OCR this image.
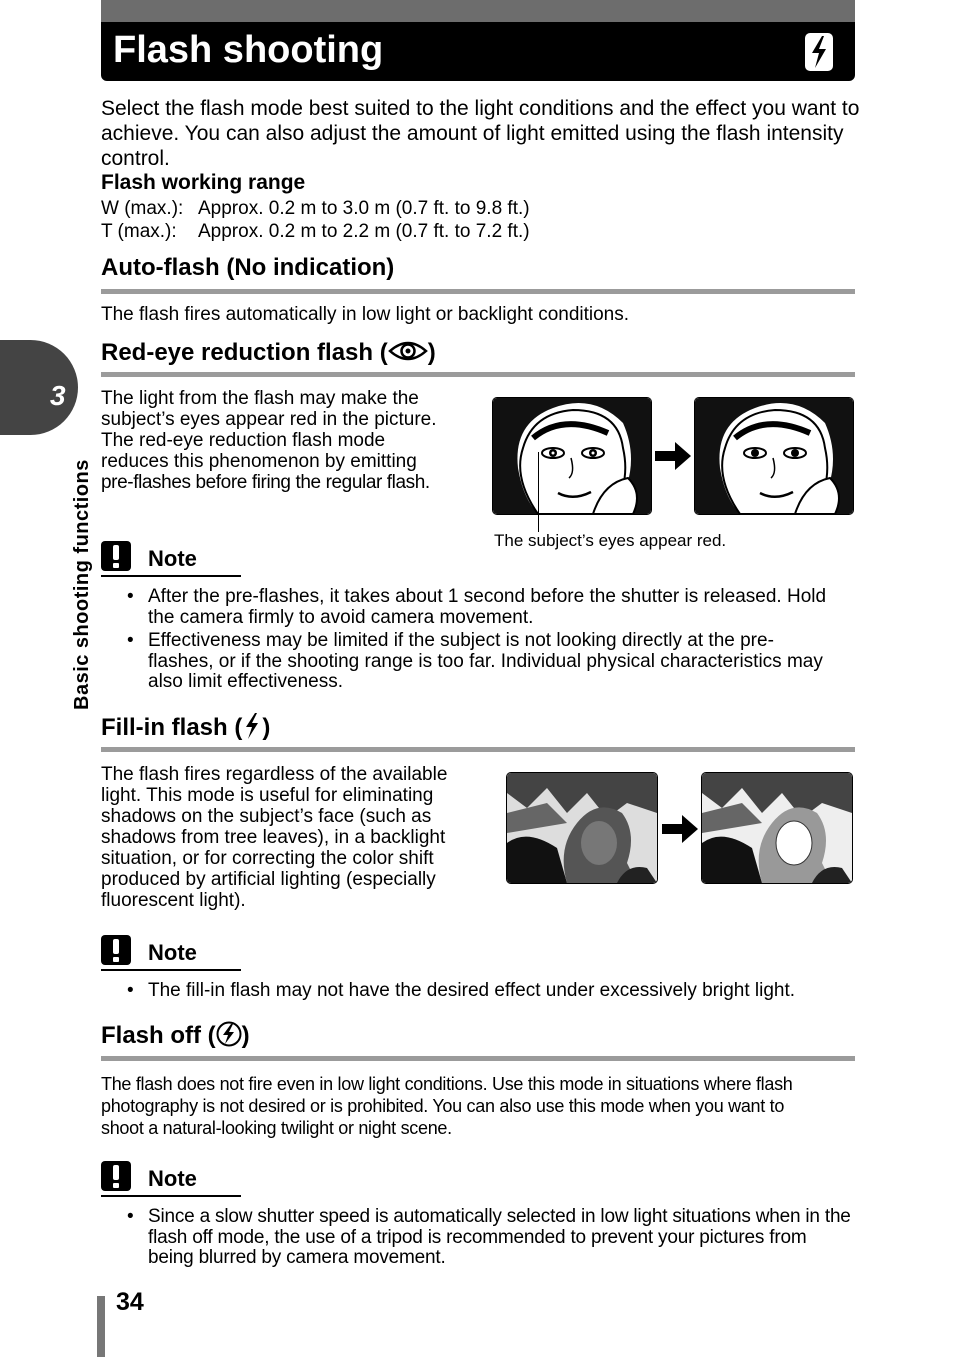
Flash shooting
Select the flash mode best suited to the light conditions and the effect you want to achieve. You can also adjust the amount of light emitted using the flash intensity control.
Flash working range
W (max.): Approx. 0.2 m to 3.0 m (0.7 ft. to 9.8 ft.)
T (max.): Approx. 0.2 m to 2.2 m (0.7 ft. to 7.2 ft.)
Auto-flash (No indication)
The flash fires automatically in low light or backlight conditions.
Red-eye reduction flash ( )
The light from the flash may make the
subject’s eyes appear red in the picture.
The red-eye reduction flash mode
reduces this phenomenon by emitting
pre-flashes before firing the regular flash.
The subject’s eyes appear red.
Note
• After the pre-flashes, it takes about 1 second before the shutter is released. Hold the camera firmly to avoid camera movement.
• Effectiveness may be limited if the subject is not looking directly at the pre-flashes, or if the shooting range is too far. Individual physical characteristics may also limit effectiveness.
Fill-in flash ( )
The flash fires regardless of the available
light. This mode is useful for eliminating
shadows on the subject’s face (such as
shadows from tree leaves), in a backlight
situation, or for correcting the color shift
produced by artificial lighting (especially
fluorescent light).
Note
• The fill-in flash may not have the desired effect under excessively bright light.
Flash off ( )
The flash does not fire even in low light conditions. Use this mode in situations where flash
photography is not desired or is prohibited. You can also use this mode when you want to
shoot a natural-looking twilight or night scene.
Note
• Since a slow shutter speed is automatically selected in low light situations when in the flash off mode, the use of a tripod is recommended to prevent your pictures from being blurred by camera movement.
3
Basic shooting functions
34
